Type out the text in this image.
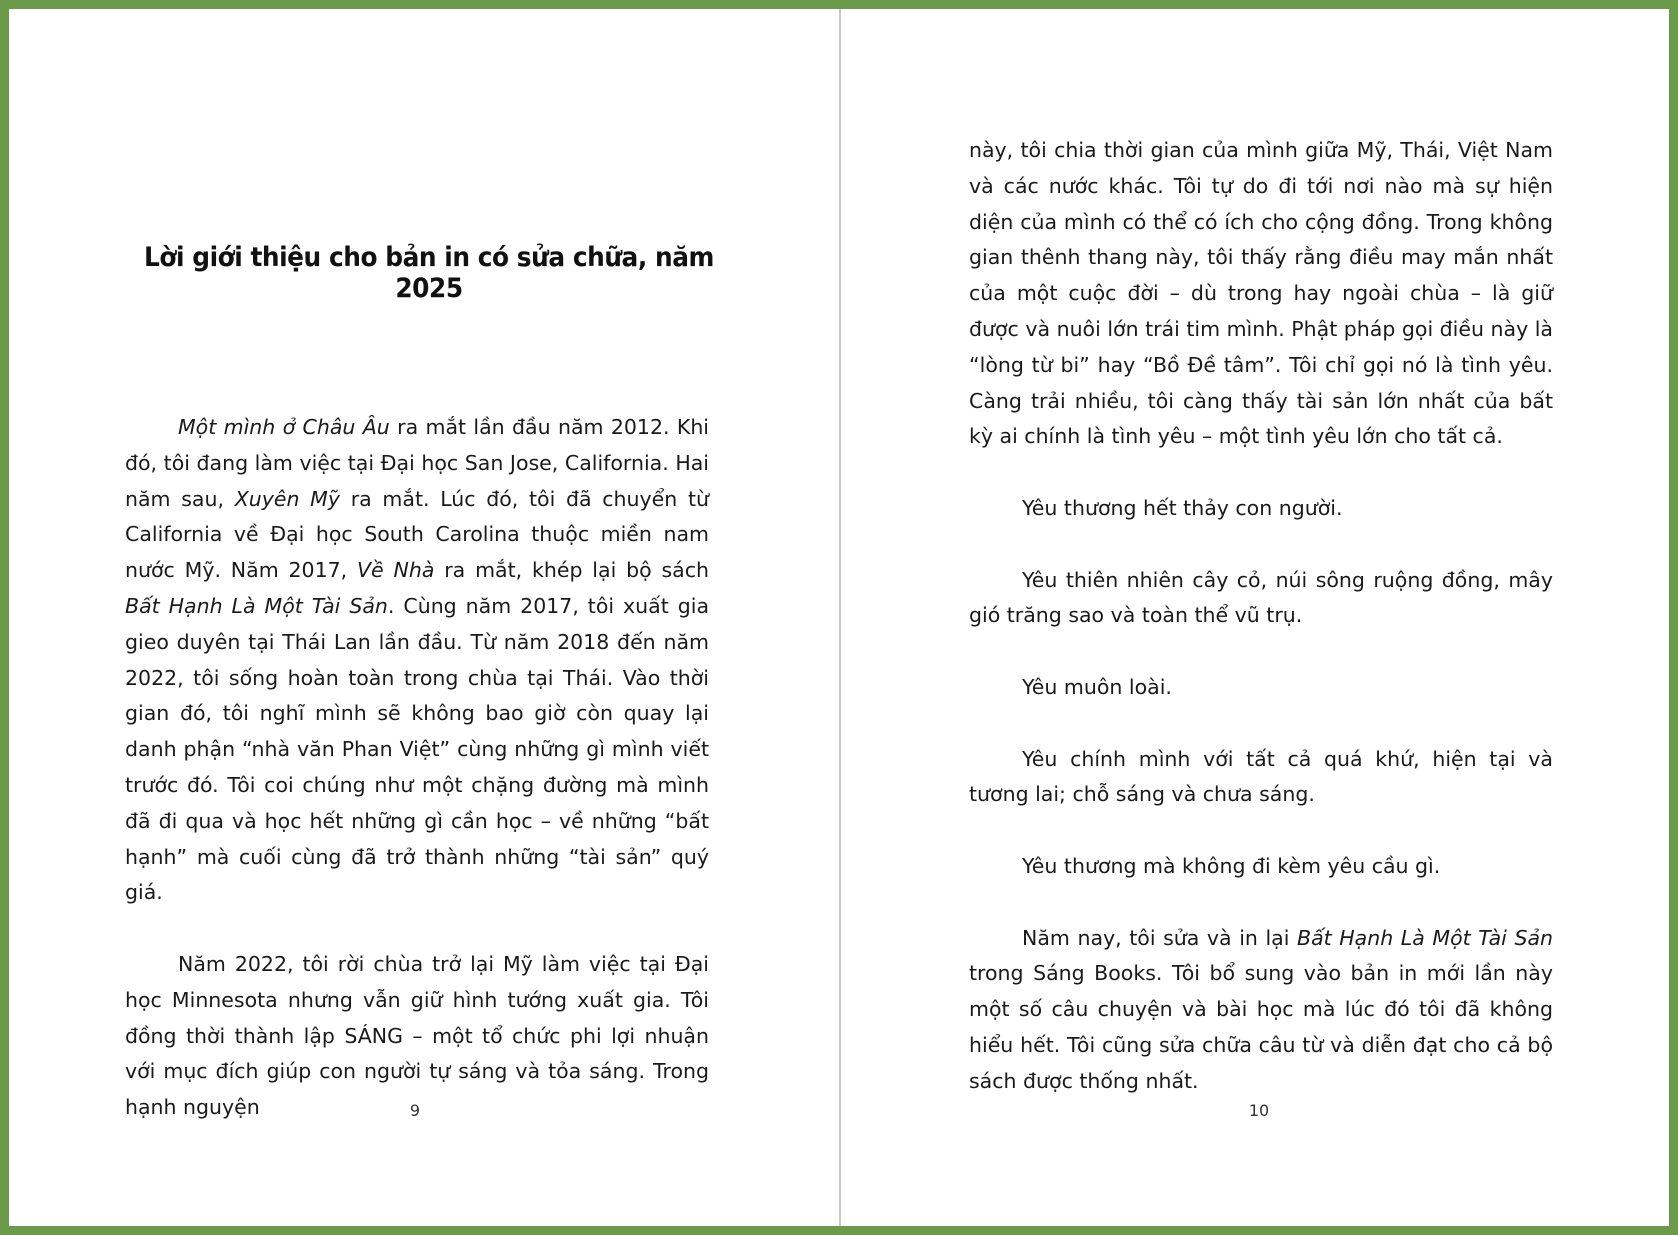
Lời giới thiệu cho bản in có sửa chữa, năm 2025

Một mình ở Châu Âu ra mắt lần đầu năm 2012. Khi đó, tôi đang làm việc tại Đại học San Jose, California. Hai năm sau, Xuyên Mỹ ra mắt. Lúc đó, tôi đã chuyển từ California về Đại học South Carolina thuộc miền nam nước Mỹ. Năm 2017, Về Nhà ra mắt, khép lại bộ sách Bất Hạnh Là Một Tài Sản. Cùng năm 2017, tôi xuất gia gieo duyên tại Thái Lan lần đầu. Từ năm 2018 đến năm 2022, tôi sống hoàn toàn trong chùa tại Thái. Vào thời gian đó, tôi nghĩ mình sẽ không bao giờ còn quay lại danh phận “nhà văn Phan Việt” cùng những gì mình viết trước đó. Tôi coi chúng như một chặng đường mà mình đã đi qua và học hết những gì cần học – về những “bất hạnh” mà cuối cùng đã trở thành những “tài sản” quý giá.

Năm 2022, tôi rời chùa trở lại Mỹ làm việc tại Đại học Minnesota nhưng vẫn giữ hình tướng xuất gia. Tôi đồng thời thành lập SÁNG – một tổ chức phi lợi nhuận với mục đích giúp con người tự sáng và tỏa sáng. Trong hạnh nguyện	9

này, tôi chia thời gian của mình giữa Mỹ, Thái, Việt Nam và các nước khác. Tôi tự do đi tới nơi nào mà sự hiện diện của mình có thể có ích cho cộng đồng. Trong không gian thênh thang này, tôi thấy rằng điều may mắn nhất của một cuộc đời – dù trong hay ngoài chùa – là giữ được và nuôi lớn trái tim mình. Phật pháp gọi điều này là “lòng từ bi” hay “Bồ Đề tâm”. Tôi chỉ gọi nó là tình yêu. Càng trải nhiều, tôi càng thấy tài sản lớn nhất của bất kỳ ai chính là tình yêu – một tình yêu lớn cho tất cả.

Yêu thương hết thảy con người.

Yêu thiên nhiên cây cỏ, núi sông ruộng đồng, mây gió trăng sao và toàn thể vũ trụ.

Yêu muôn loài.

Yêu chính mình với tất cả quá khứ, hiện tại và tương lai; chỗ sáng và chưa sáng.

Yêu thương mà không đi kèm yêu cầu gì.

Năm nay, tôi sửa và in lại Bất Hạnh Là Một Tài Sản trong Sáng Books. Tôi bổ sung vào bản in mới lần này một số câu chuyện và bài học mà lúc đó tôi đã không hiểu hết. Tôi cũng sửa chữa câu từ và diễn đạt cho cả bộ sách được thống nhất.

10
